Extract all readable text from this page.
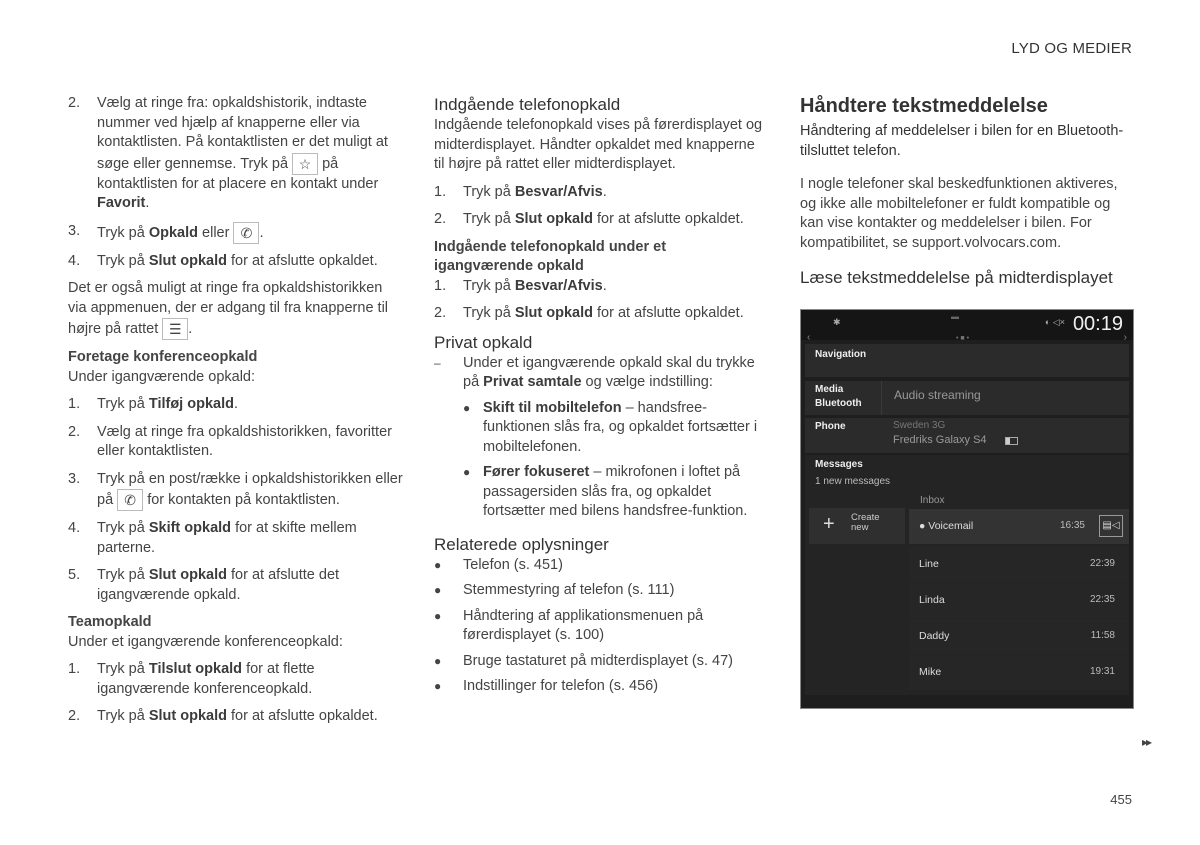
LYD OG MEDIER
2.	Vælg at ringe fra: opkaldshistorik, indtaste nummer ved hjælp af knapperne eller via kontaktlisten. På kontaktlisten er det muligt at søge eller gennemse. Tryk på ☆ på kontaktlisten for at placere en kontakt under Favorit.
3.	Tryk på Opkald eller ✆ .
4.	Tryk på Slut opkald for at afslutte opkaldet.

Det er også muligt at ringe fra opkaldshistorikken via appmenuen, der er adgang til fra knapperne til højre på rattet ☰ .

Foretage konferenceopkald

Under igangværende opkald:

1.	Tryk på Tilføj opkald.
2.	Vælg at ringe fra opkaldshistorikken, favoritter eller kontaktlisten.
3.	Tryk på en post/række i opkaldshistorikken eller på ✆ for kontakten på kontaktlisten.
4.	Tryk på Skift opkald for at skifte mellem parterne.
5.	Tryk på Slut opkald for at afslutte det igangværende opkald.
Teamopkald

Under et igangværende konferenceopkald:

1.	Tryk på Tilslut opkald for at flette igangværende konferenceopkald.
2.	Tryk på Slut opkald for at afslutte opkaldet.
Indgående telefonopkald

Indgående telefonopkald vises på førerdisplayet og midterdisplayet. Håndter opkaldet med knapperne til højre på rattet eller midterdisplayet.

1.	Tryk på Besvar/Afvis.
2.	Tryk på Slut opkald for at afslutte opkaldet.
Indgående telefonopkald under et igangværende opkald
1.	Tryk på Besvar/Afvis.
2.	Tryk på Slut opkald for at afslutte opkaldet.
Privat opkald
–	Under et igangværende opkald skal du trykke på Privat samtale og vælge indstilling:
● Skift til mobiltelefon – handsfree-funktionen slås fra, og opkaldet fortsætter i mobiltelefonen.
● Fører fokuseret – mikrofonen i loftet på passagersiden slås fra, og opkaldet fortsætter med bilens handsfree-funktion.
Relaterede oplysninger
●	Telefon (s. 451)
●	Stemmestyring af telefon (s. 111)
●	Håndtering af applikationsmenuen på førerdisplayet (s. 100)
●	Bruge tastaturet på midterdisplayet (s. 47)
●	Indstillinger for telefon (s. 456)
Håndtere tekstmeddelelse

Håndtering af meddelelser i bilen for en Bluetooth-tilsluttet telefon.

I nogle telefoner skal beskedfunktionen aktiveres, og ikke alle mobiltelefoner er fuldt kompatible og kan vise kontakter og meddelelser i bilen. For kompatibilitet, se support.volvocars.com.

Læse tekstmeddelelse på midterdisplayet
✱
▬
◐ ◁× 00:19
• ■ •
‹	›
Navigation
Media
Bluetooth
Audio streaming
Phone	Sweden 3G
Fredriks Galaxy S4
Messages
1 new messages
Inbox
+ Create
new	● Voicemail	16:35	▤◁
Line	22:39
Linda	22:35
Daddy	11:58
Mike	19:31
▸▸
455
